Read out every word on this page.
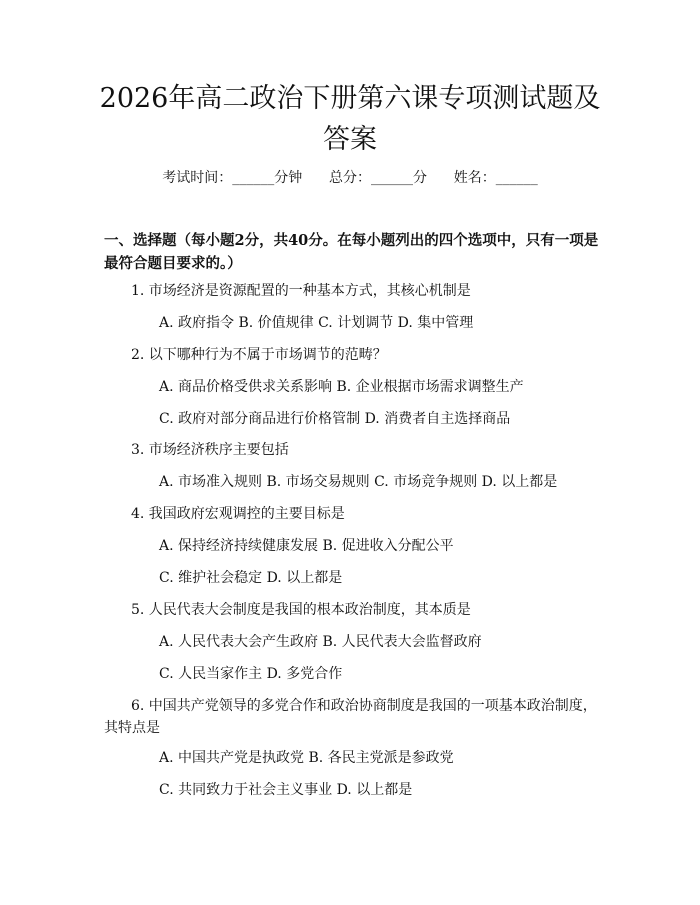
2026年高二政治下册第六课专项测试题及答案
考试时间：______分钟      总分：______分      姓名：______
一、选择题（每小题2分，共40分。在每小题列出的四个选项中，只有一项是最符合题目要求的。）
1. 市场经济是资源配置的一种基本方式，其核心机制是
A. 政府指令 B. 价值规律 C. 计划调节 D. 集中管理
2. 以下哪种行为不属于市场调节的范畴？
A. 商品价格受供求关系影响 B. 企业根据市场需求调整生产
C. 政府对部分商品进行价格管制 D. 消费者自主选择商品
3. 市场经济秩序主要包括
A. 市场准入规则 B. 市场交易规则 C. 市场竞争规则 D. 以上都是
4. 我国政府宏观调控的主要目标是
A. 保持经济持续健康发展 B. 促进收入分配公平
C. 维护社会稳定 D. 以上都是
5. 人民代表大会制度是我国的根本政治制度，其本质是
A. 人民代表大会产生政府 B. 人民代表大会监督政府
C. 人民当家作主 D. 多党合作
6. 中国共产党领导的多党合作和政治协商制度是我国的一项基本政治制度，
其特点是
A. 中国共产党是执政党 B. 各民主党派是参政党
C. 共同致力于社会主义事业 D. 以上都是
